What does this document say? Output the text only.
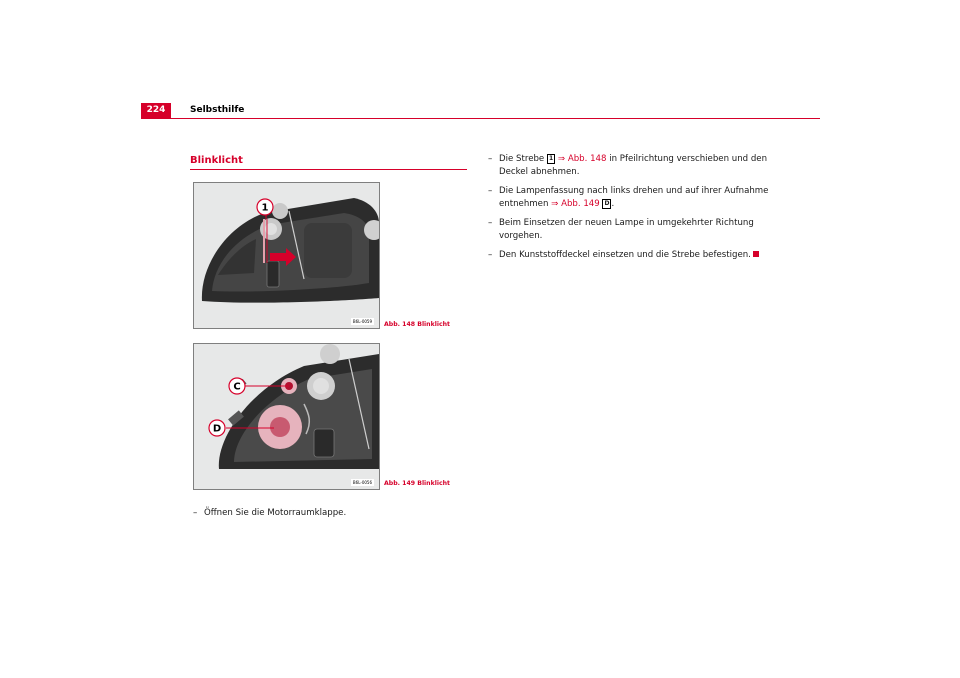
224	Selbsthilfe
Blinklicht
1
B6L-0059	Abb. 148 Blinklicht
C
D
B6L-0056	Abb. 149 Blinklicht
– Öffnen Sie die Motorraumklappe.
– Die Strebe 1 ⇒ Abb. 148 in Pfeilrichtung verschieben und den
Deckel abnehmen.
– Die Lampenfassung nach links drehen und auf ihrer Aufnahme
entnehmen ⇒ Abb. 149 D .
– Beim Einsetzen der neuen Lampe in umgekehrter Richtung
vorgehen.
– Den Kunststoffdeckel einsetzen und die Strebe befestigen.
